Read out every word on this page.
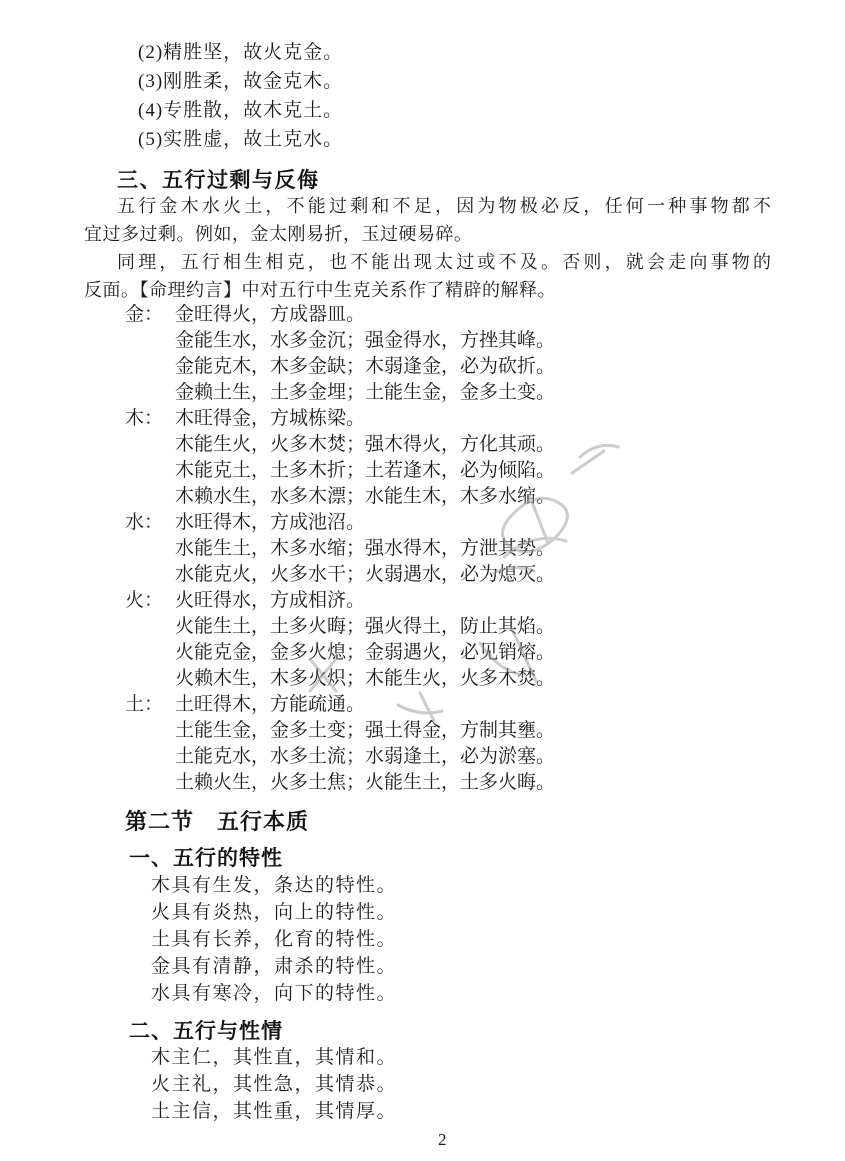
(2)精胜坚，故火克金。
(3)刚胜柔，故金克木。
(4)专胜散，故木克土。
(5)实胜虚，故土克水。
三、五行过剩与反侮
五行金木水火土，不能过剩和不足，因为物极必反，任何一种事物都不
宜过多过剩。例如，金太刚易折，玉过硬易碎。
同理，五行相生相克，也不能出现太过或不及。否则，就会走向事物的
反面。【命理约言】中对五行中生克关系作了精辟的解释。
金： 金旺得火，方成器皿。
金能生水，水多金沉；强金得水，方挫其峰。
金能克木，木多金缺；木弱逢金，必为砍折。
金赖土生，土多金埋；土能生金，金多土变。
木： 木旺得金，方城栋梁。
木能生火，火多木焚；强木得火，方化其顽。
木能克土，土多木折；土若逢木，必为倾陷。
木赖水生，水多木漂；水能生木，木多水缩。
水： 水旺得木，方成池沼。
水能生土，木多水缩；强水得木，方泄其势。
水能克火，火多水干；火弱遇水，必为熄灭。
火： 火旺得水，方成相济。
火能生土，土多火晦；强火得土，防止其焰。
火能克金，金多火熄；金弱遇火，必见销熔。
火赖木生，木多火炽；木能生火，火多木焚。
土： 土旺得木，方能疏通。
土能生金，金多土变；强土得金，方制其壅。
土能克水，水多土流；水弱逢土，必为淤塞。
土赖火生，火多土焦；火能生土，土多火晦。
第二节　五行本质
一、五行的特性
木具有生发，条达的特性。
火具有炎热，向上的特性。
土具有长养，化育的特性。
金具有清静，肃杀的特性。
水具有寒冷，向下的特性。
二、五行与性情
木主仁，其性直，其情和。
火主礼，其性急，其情恭。
土主信，其性重，其情厚。
2
